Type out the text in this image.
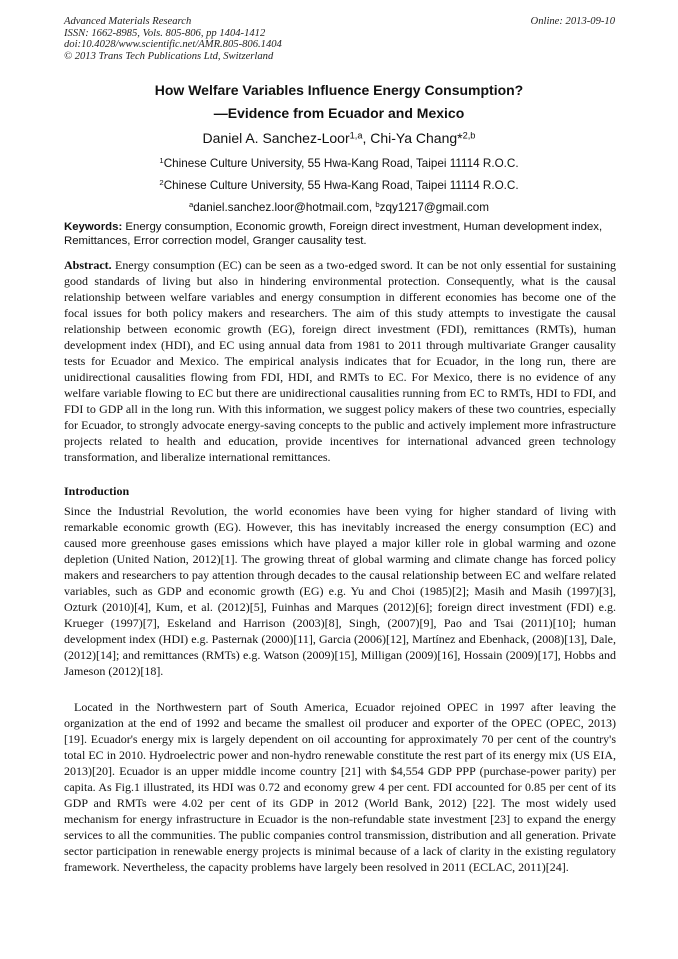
Advanced Materials Research
ISSN: 1662-8985, Vols. 805-806, pp 1404-1412
doi:10.4028/www.scientific.net/AMR.805-806.1404
© 2013 Trans Tech Publications Ltd, Switzerland
Online: 2013-09-10
How Welfare Variables Influence Energy Consumption?
—Evidence from Ecuador and Mexico
Daniel A. Sanchez-Loor$^{1,a}$, Chi-Ya Chang*$^{2,b}$
$^1$Chinese Culture University, 55 Hwa-Kang Road, Taipei 11114 R.O.C.
$^2$Chinese Culture University, 55 Hwa-Kang Road, Taipei 11114 R.O.C.
$^a$daniel.sanchez.loor@hotmail.com, $^b$zqy1217@gmail.com
Keywords: Energy consumption, Economic growth, Foreign direct investment, Human development index, Remittances, Error correction model, Granger causality test.
Abstract. Energy consumption (EC) can be seen as a two-edged sword. It can be not only essential for sustaining good standards of living but also in hindering environmental protection. Consequently, what is the causal relationship between welfare variables and energy consumption in different economies has become one of the focal issues for both policy makers and researchers. The aim of this study attempts to investigate the causal relationship between economic growth (EG), foreign direct investment (FDI), remittances (RMTs), human development index (HDI), and EC using annual data from 1981 to 2011 through multivariate Granger causality tests for Ecuador and Mexico. The empirical analysis indicates that for Ecuador, in the long run, there are unidirectional causalities flowing from FDI, HDI, and RMTs to EC. For Mexico, there is no evidence of any welfare variable flowing to EC but there are unidirectional causalities running from EC to RMTs, HDI to FDI, and FDI to GDP all in the long run. With this information, we suggest policy makers of these two countries, especially for Ecuador, to strongly advocate energy-saving concepts to the public and actively implement more infrastructure projects related to health and education, provide incentives for international advanced green technology transformation, and liberalize international remittances.
Introduction
Since the Industrial Revolution, the world economies have been vying for higher standard of living with remarkable economic growth (EG). However, this has inevitably increased the energy consumption (EC) and caused more greenhouse gases emissions which have played a major killer role in global warming and ozone depletion (United Nation, 2012)[1]. The growing threat of global warming and climate change has forced policy makers and researchers to pay attention through decades to the causal relationship between EC and welfare related variables, such as GDP and economic growth (EG) e.g. Yu and Choi (1985)[2]; Masih and Masih (1997)[3], Ozturk (2010)[4], Kum, et al. (2012)[5], Fuinhas and Marques (2012)[6]; foreign direct investment (FDI) e.g. Krueger (1997)[7], Eskeland and Harrison (2003)[8], Singh, (2007)[9], Pao and Tsai (2011)[10]; human development index (HDI) e.g. Pasternak (2000)[11], Garcia (2006)[12], Martínez and Ebenhack, (2008)[13], Dale, (2012)[14]; and remittances (RMTs) e.g. Watson (2009)[15], Milligan (2009)[16], Hossain (2009)[17], Hobbs and Jameson (2012)[18].
Located in the Northwestern part of South America, Ecuador rejoined OPEC in 1997 after leaving the organization at the end of 1992 and became the smallest oil producer and exporter of the OPEC (OPEC, 2013)[19]. Ecuador's energy mix is largely dependent on oil accounting for approximately 70 per cent of the country's total EC in 2010. Hydroelectric power and non-hydro renewable constitute the rest part of its energy mix (US EIA, 2013)[20]. Ecuador is an upper middle income country [21] with $4,554 GDP PPP (purchase-power parity) per capita. As Fig.1 illustrated, its HDI was 0.72 and economy grew 4 per cent. FDI accounted for 0.85 per cent of its GDP and RMTs were 4.02 per cent of its GDP in 2012 (World Bank, 2012) [22]. The most widely used mechanism for energy infrastructure in Ecuador is the non-refundable state investment [23] to expand the energy services to all the communities. The public companies control transmission, distribution and all generation. Private sector participation in renewable energy projects is minimal because of a lack of clarity in the existing regulatory framework. Nevertheless, the capacity problems have largely been resolved in 2011 (ECLAC, 2011)[24].
